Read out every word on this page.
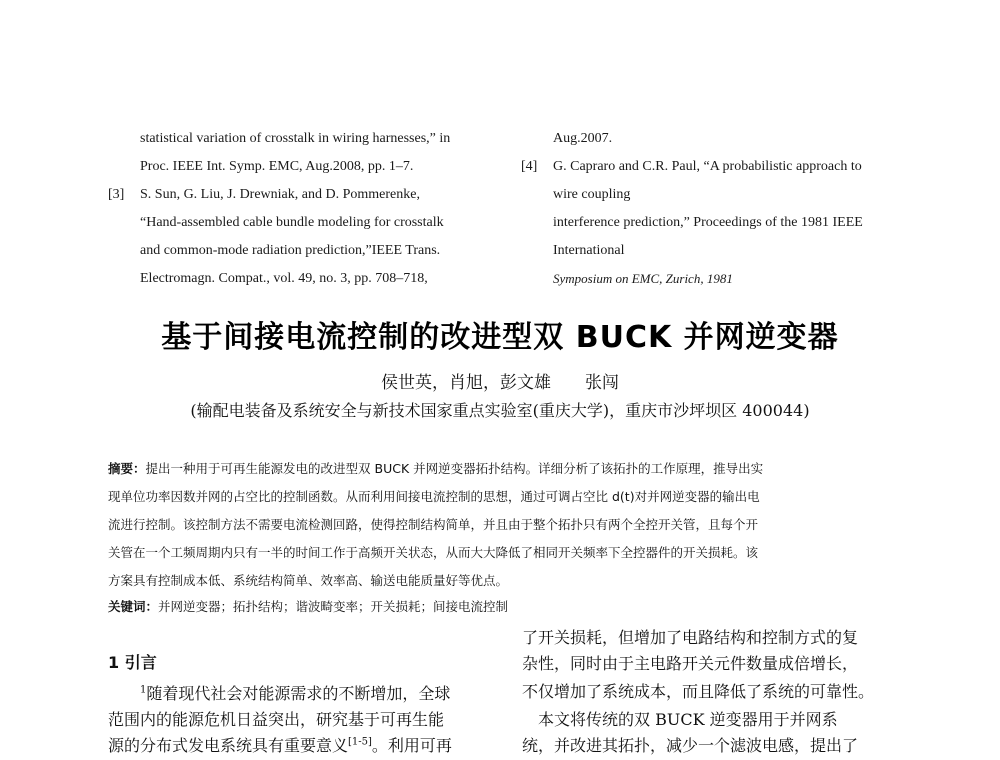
statistical variation of crosstalk in wiring harnesses,” in
Proc. IEEE Int. Symp. EMC, Aug.2008, pp. 1–7.
[3] S. Sun, G. Liu, J. Drewniak, and D. Pommerenke,
“Hand-assembled cable bundle modeling for crosstalk
and common-mode radiation prediction,”IEEE Trans.
Electromagn. Compat., vol. 49, no. 3, pp. 708–718,
Aug.2007.
[4] G. Capraro and C.R. Paul, “A probabilistic approach to
wire coupling
interference prediction,” Proceedings of the 1981 IEEE
International
Symposium on EMC, Zurich, 1981
基于间接电流控制的改进型双 BUCK 并网逆变器
侯世英，肖旭，彭文雄　　张闯
(输配电装备及系统安全与新技术国家重点实验室(重庆大学)，重庆市沙坪坝区 400044)
摘要：提出一种用于可再生能源发电的改进型双 BUCK 并网逆变器拓扑结构。详细分析了该拓扑的工作原理，推导出实
现单位功率因数并网的占空比的控制函数。从而利用间接电流控制的思想，通过可调占空比 d(t)对并网逆变器的输出电
流进行控制。该控制方法不需要电流检测回路，使得控制结构简单，并且由于整个拓扑只有两个全控开关管，且每个开
关管在一个工频周期内只有一半的时间工作于高频开关状态，从而大大降低了相同开关频率下全控器件的开关损耗。该
方案具有控制成本低、系统结构简单、效率高、输送电能质量好等优点。
关键词：并网逆变器；拓扑结构；谐波畸变率；开关损耗；间接电流控制
1 引言
$^1$随着现代社会对能源需求的不断增加，全球
范围内的能源危机日益突出，研究基于可再生能
源的分布式发电系统具有重要意义[1-5]。利用可再
了开关损耗，但增加了电路结构和控制方式的复
杂性，同时由于主电路开关元件数量成倍增长，
不仅增加了系统成本，而且降低了系统的可靠性。
　本文将传统的双 BUCK 逆变器用于并网系
统，并改进其拓扑，减少一个滤波电感，提出了
